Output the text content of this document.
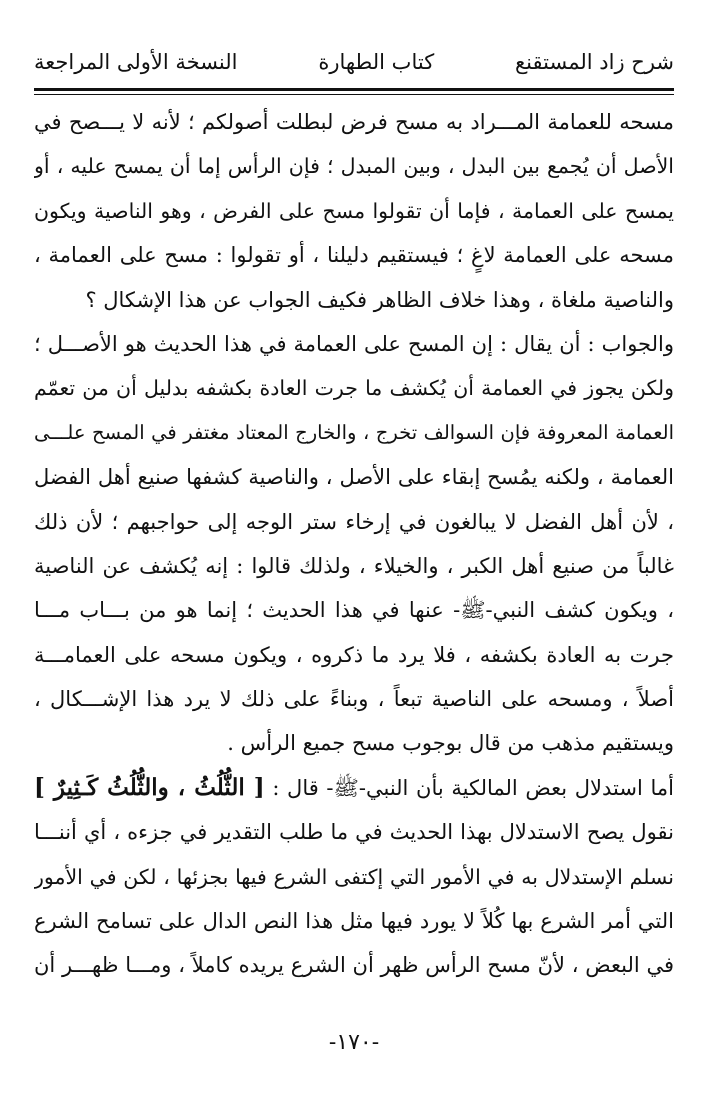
شرح زاد المستقنع
كتاب الطهارة
النسخة الأولى المراجعة
مسحه للعمامة المـــراد به مسح فرض لبطلت أصولكم ؛ لأنه لا يـــصح في
الأصل أن يُجمع بين البدل ، وبين المبدل ؛ فإن الرأس إما أن يمسح عليه ، أو
يمسح على العمامة ، فإما أن تقولوا مسح على الفرض ، وهو الناصية ويكون
مسحه على العمامة لاغٍ ؛ فيستقيم دليلنا ، أو تقولوا : مسح على العمامة ،
والناصية ملغاة ، وهذا خلاف الظاهر فكيف الجواب عن هذا الإشكال ؟
والجواب : أن يقال : إن المسح على العمامة في هذا الحديث هو الأصـــل ؛
ولكن يجوز في العمامة أن يُكشف ما جرت العادة بكشفه بدليل أن من تعمّم
العمامة المعروفة فإن السوالف تخرج ، والخارج المعتاد مغتفر في المسح علـــى
العمامة ، ولكنه يمُسح إبقاء على الأصل ، والناصية كشفها صنيع أهل الفضل
، لأن أهل الفضل لا يبالغون في إرخاء ستر الوجه إلى حواجبهم ؛ لأن ذلك
غالباً من صنيع أهل الكبر ، والخيلاء ، ولذلك قالوا : إنه يُكشف عن الناصية
، ويكون كشف النبي-ﷺ- عنها في هذا الحديث ؛ إنما هو من بـــاب مـــا
جرت به العادة بكشفه ، فلا يرد ما ذكروه ، ويكون مسحه على العمامـــة
أصلاً ، ومسحه على الناصية تبعاً ، وبناءً على ذلك لا يرد هذا الإشـــكال ،
ويستقيم مذهب من قال بوجوب مسح جميع الرأس .
أما استدلال بعض المالكية بأن النبي-ﷺ- قال : [ الثُّلُثُ ، والثُّلُثُ كَـثِيرٌ ]
نقول يصح الاستدلال بهذا الحديث في ما طلب التقدير في جزءه ، أي أننـــا
نسلم الإستدلال به في الأمور التي إكتفى الشرع فيها بجزئها ، لكن في الأمور
التي أمر الشرع بها كُلاً لا يورد فيها مثل هذا النص الدال على تسامح الشرع
في البعض ، لأنّ مسح الرأس ظهر أن الشرع يريده كاملاً ، ومـــا ظهـــر أن
-١٧٠-
